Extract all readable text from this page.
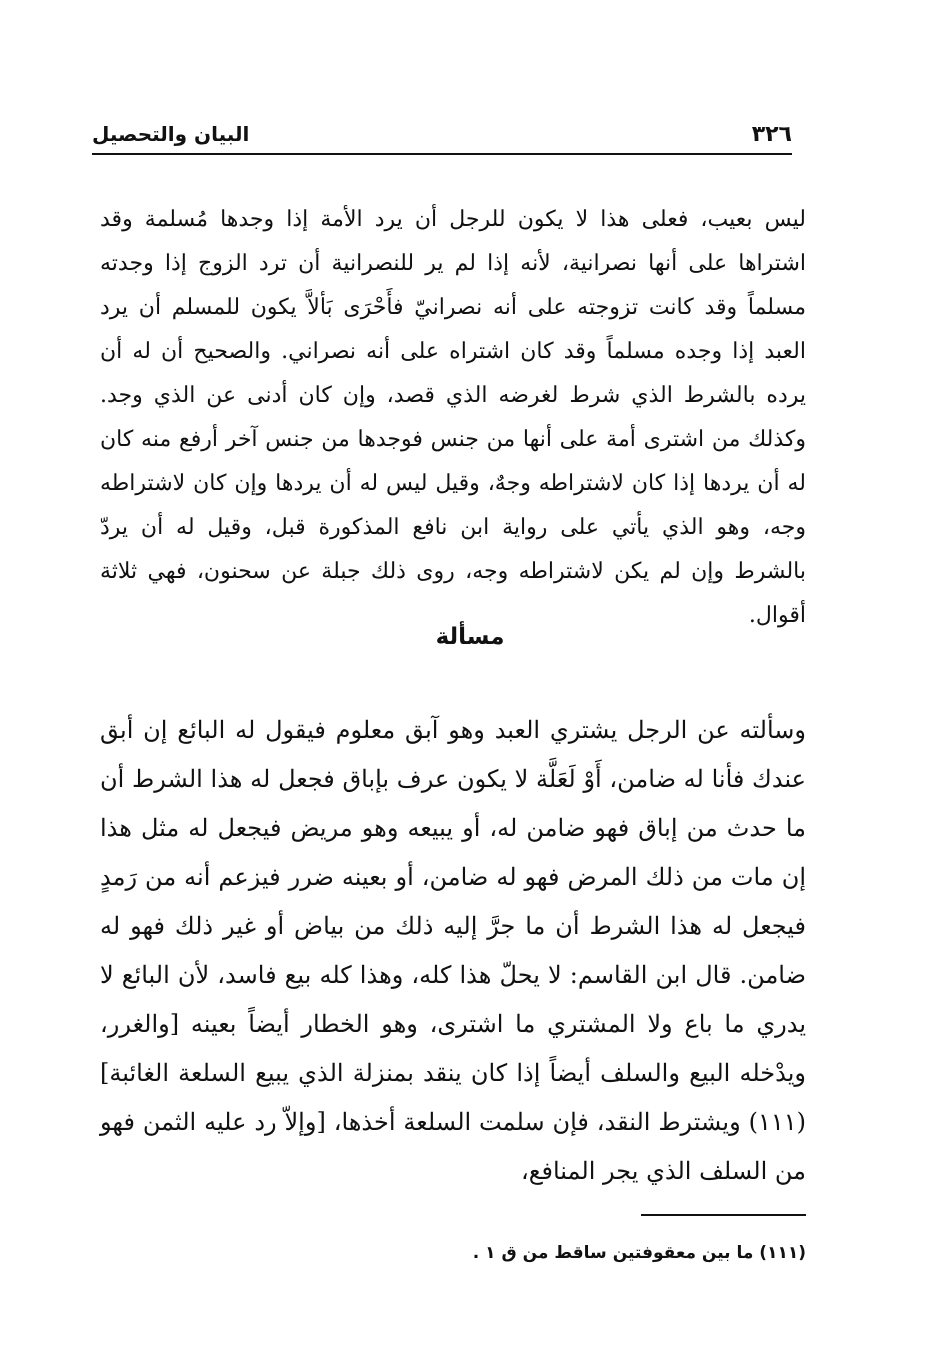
٣٢٦
البيان والتحصيل

ليس بعيب، فعلى هذا لا يكون للرجل أن يرد الأمة إذا وجدها مُسلمة وقد اشتراها على أنها نصرانية، لأنه إذا لم ير للنصرانية أن ترد الزوج إذا وجدته مسلماً وقد كانت تزوجته على أنه نصرانيّ فأَحْرَى بَألاَّ يكون للمسلم أن يرد العبد إذا وجده مسلماً وقد كان اشتراه على أنه نصراني. والصحيح أن له أن يرده بالشرط الذي شرط لغرضه الذي قصد، وإن كان أدنى عن الذي وجد. وكذلك من اشترى أمة على أنها من جنس فوجدها من جنس آخر أرفع منه كان له أن يردها إذا كان لاشتراطه وجهٌ، وقيل ليس له أن يردها وإن كان لاشتراطه وجه، وهو الذي يأتي على رواية ابن نافع المذكورة قبل، وقيل له أن يردّ بالشرط وإن لم يكن لاشتراطه وجه، روى ذلك جبلة عن سحنون، فهي ثلاثة أقوال.

مسألة

وسألته عن الرجل يشتري العبد وهو آبق معلوم فيقول له البائع إن أبق عندك فأنا له ضامن، أَوْ لَعَلَّة لا يكون عرف بإباق فجعل له هذا الشرط أن ما حدث من إباق فهو ضامن له، أو يبيعه وهو مريض فيجعل له مثل هذا إن مات من ذلك المرض فهو له ضامن، أو بعينه ضرر فيزعم أنه من رَمدٍ فيجعل له هذا الشرط أن ما جرَّ إليه ذلك من بياض أو غير ذلك فهو له ضامن. قال ابن القاسم: لا يحلّ هذا كله، وهذا كله بيع فاسد، لأن البائع لا يدري ما باع ولا المشتري ما اشترى، وهو الخطار أيضاً بعينه [والغرر، ويدْخله البيع والسلف أيضاً إذا كان ينقد بمنزلة الذي يبيع السلعة الغائبة](١١١) ويشترط النقد، فإن سلمت السلعة أخذها، [وإلاّ رد عليه الثمن فهو من السلف الذي يجر المنافع،

(١١١) ما بين معقوفتين ساقط من ق ١ .
